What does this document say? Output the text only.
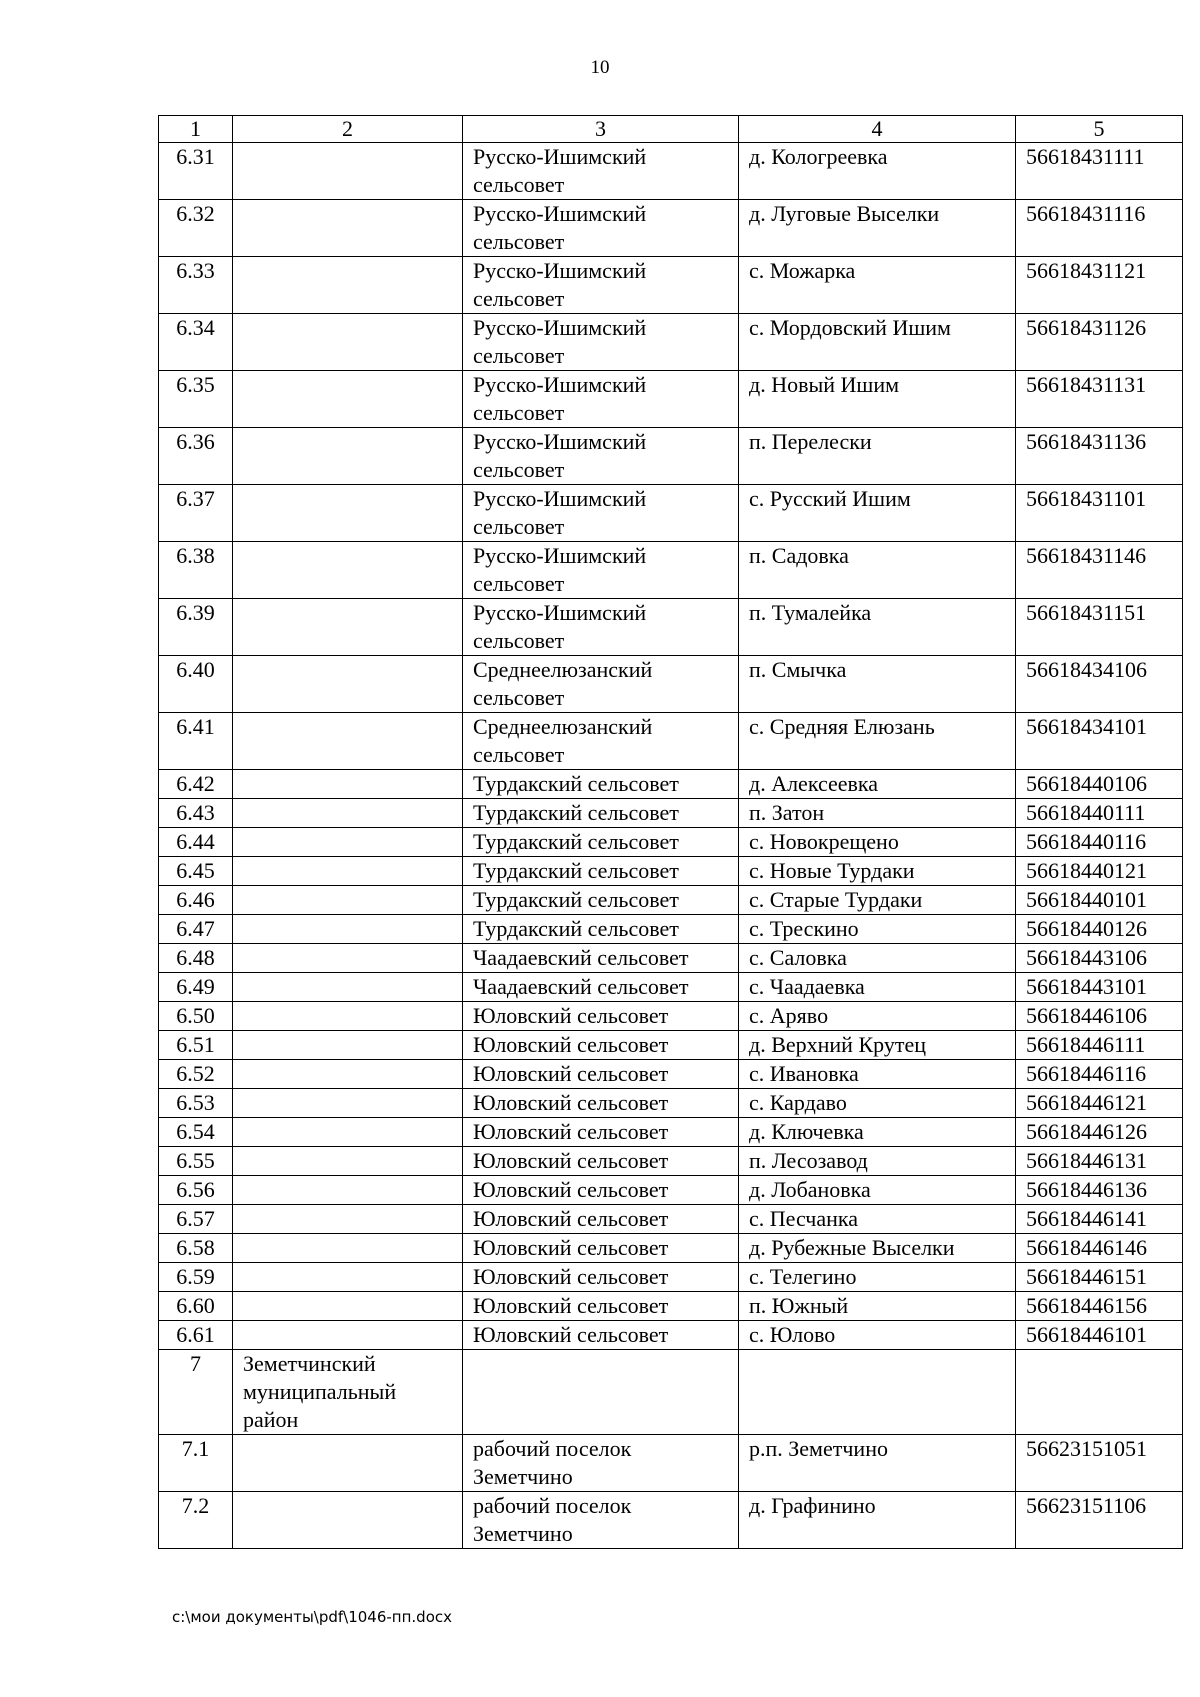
10
1	2	3	4	5
6.31		Русско-Ишимский сельсовет	д. Кологреевка	56618431111
6.32		Русско-Ишимский сельсовет	д. Луговые Выселки	56618431116
6.33		Русско-Ишимский сельсовет	с. Можарка	56618431121
6.34		Русско-Ишимский сельсовет	с. Мордовский Ишим	56618431126
6.35		Русско-Ишимский сельсовет	д. Новый Ишим	56618431131
6.36		Русско-Ишимский сельсовет	п. Перелески	56618431136
6.37		Русско-Ишимский сельсовет	с. Русский Ишим	56618431101
6.38		Русско-Ишимский сельсовет	п. Садовка	56618431146
6.39		Русско-Ишимский сельсовет	п. Тумалейка	56618431151
6.40		Среднеелюзанский сельсовет	п. Смычка	56618434106
6.41		Среднеелюзанский сельсовет	с. Средняя Елюзань	56618434101
6.42		Турдакский сельсовет	д. Алексеевка	56618440106
6.43		Турдакский сельсовет	п. Затон	56618440111
6.44		Турдакский сельсовет	с. Новокрещено	56618440116
6.45		Турдакский сельсовет	с. Новые Турдаки	56618440121
6.46		Турдакский сельсовет	с. Старые Турдаки	56618440101
6.47		Турдакский сельсовет	с. Трескино	56618440126
6.48		Чаадаевский сельсовет	с. Саловка	56618443106
6.49		Чаадаевский сельсовет	с. Чаадаевка	56618443101
6.50		Юловский сельсовет	с. Арявo	56618446106
6.51		Юловский сельсовет	д. Верхний Крутец	56618446111
6.52		Юловский сельсовет	с. Ивановка	56618446116
6.53		Юловский сельсовет	с. Кардаво	56618446121
6.54		Юловский сельсовет	д. Ключевка	56618446126
6.55		Юловский сельсовет	п. Лесозавод	56618446131
6.56		Юловский сельсовет	д. Лобановка	56618446136
6.57		Юловский сельсовет	с. Песчанка	56618446141
6.58		Юловский сельсовет	д. Рубежные Выселки	56618446146
6.59		Юловский сельсовет	с. Телегино	56618446151
6.60		Юловский сельсовет	п. Южный	56618446156
6.61		Юловский сельсовет	с. Юлово	56618446101
7	Земетчинский муниципальный район			
7.1		рабочий поселок Земетчино	р.п. Земетчино	56623151051
7.2		рабочий поселок Земетчино	д. Графинино	56623151106
c:\мои документы\pdf\1046-пп.docx
